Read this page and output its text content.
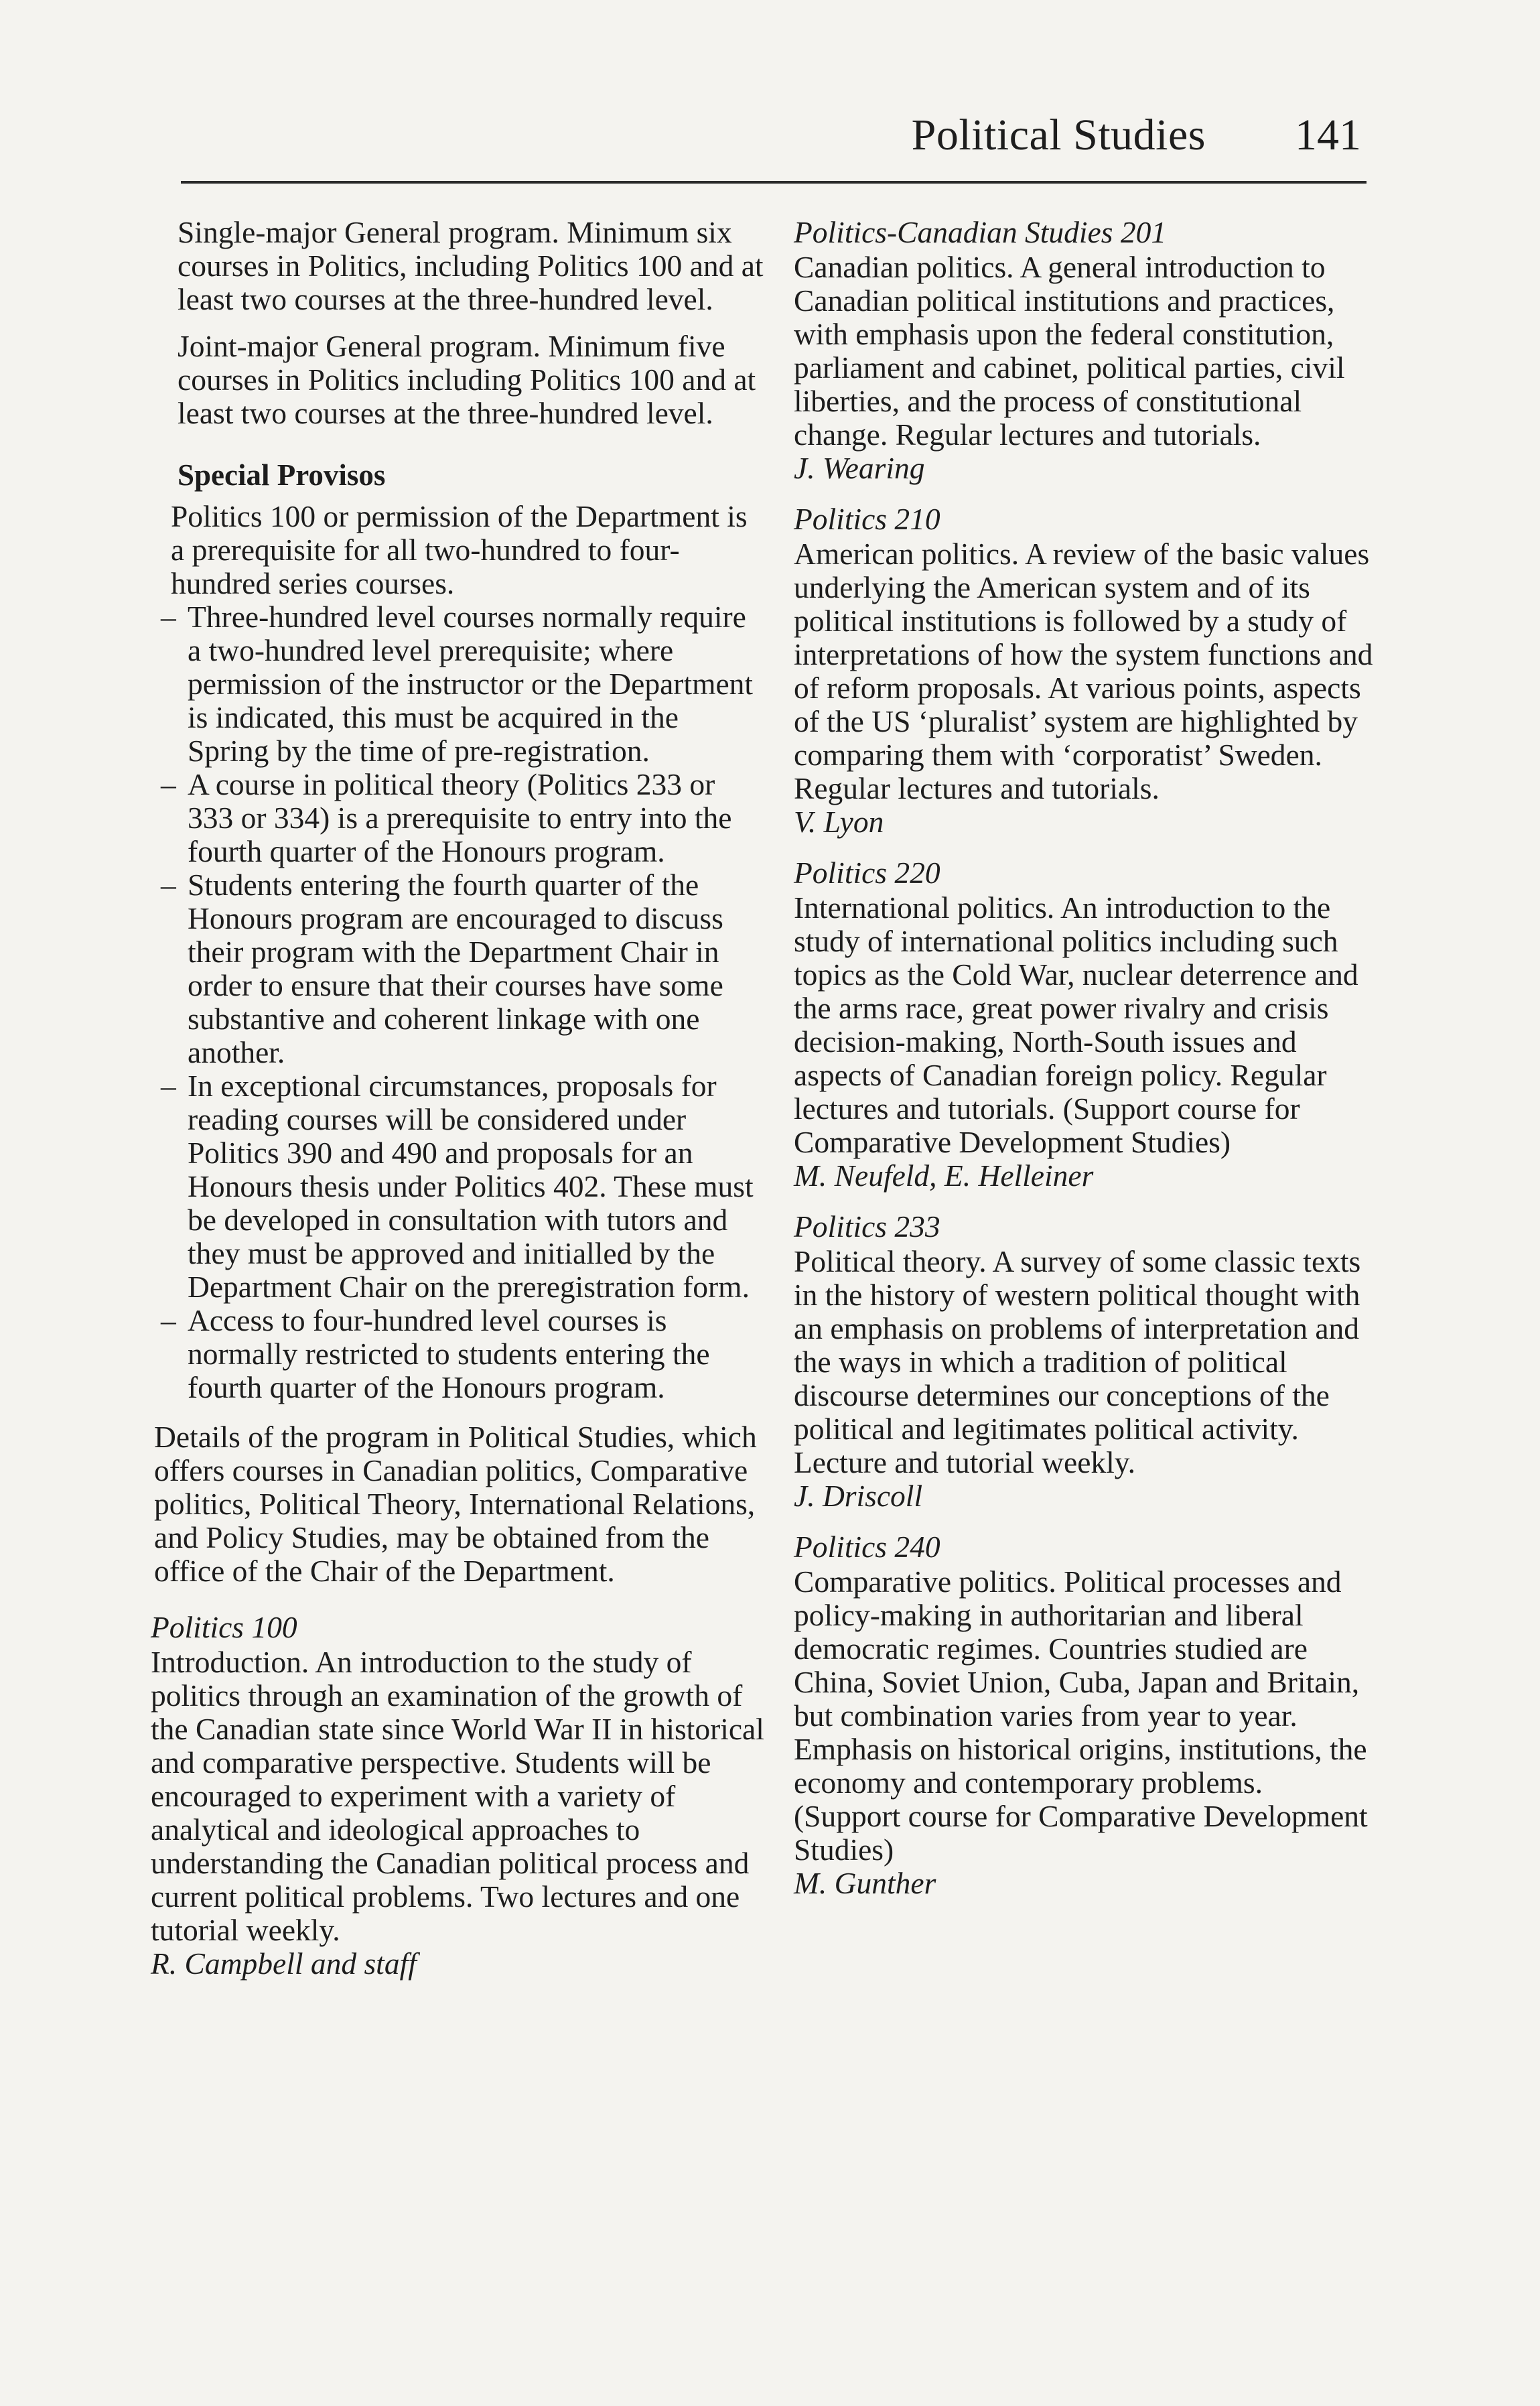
Political Studies 141

Single-major General program. Minimum six courses in Politics, including Politics 100 and at least two courses at the three-hundred level.

Joint-major General program. Minimum five courses in Politics including Politics 100 and at least two courses at the three-hundred level.

Special Provisos

Politics 100 or permission of the Department is a prerequisite for all two-hundred to four-hundred series courses.

– Three-hundred level courses normally require a two-hundred level prerequisite; where permission of the instructor or the Department is indicated, this must be acquired in the Spring by the time of pre-registration.
– A course in political theory (Politics 233 or 333 or 334) is a prerequisite to entry into the fourth quarter of the Honours program.
– Students entering the fourth quarter of the Honours program are encouraged to discuss their program with the Department Chair in order to ensure that their courses have some substantive and coherent linkage with one another.
– In exceptional circumstances, proposals for reading courses will be considered under Politics 390 and 490 and proposals for an Honours thesis under Politics 402. These must be developed in consultation with tutors and they must be approved and initialled by the Department Chair on the preregistration form.
– Access to four-hundred level courses is normally restricted to students entering the fourth quarter of the Honours program.

Details of the program in Political Studies, which offers courses in Canadian politics, Comparative politics, Political Theory, International Relations, and Policy Studies, may be obtained from the office of the Chair of the Department.

Politics 100
Introduction. An introduction to the study of politics through an examination of the growth of the Canadian state since World War II in historical and comparative perspective. Students will be encouraged to experiment with a variety of analytical and ideological approaches to understanding the Canadian political process and current political problems. Two lectures and one tutorial weekly.
R. Campbell and staff
Politics-Canadian Studies 201
Canadian politics. A general introduction to Canadian political institutions and practices, with emphasis upon the federal constitution, parliament and cabinet, political parties, civil liberties, and the process of constitutional change. Regular lectures and tutorials.
J. Wearing
Politics 210
American politics. A review of the basic values underlying the American system and of its political institutions is followed by a study of interpretations of how the system functions and of reform proposals. At various points, aspects of the US ‘pluralist’ system are highlighted by comparing them with ‘corporatist’ Sweden. Regular lectures and tutorials.
V. Lyon
Politics 220
International politics. An introduction to the study of international politics including such topics as the Cold War, nuclear deterrence and the arms race, great power rivalry and crisis decision-making, North-South issues and aspects of Canadian foreign policy. Regular lectures and tutorials. (Support course for Comparative Development Studies)
M. Neufeld, E. Helleiner
Politics 233
Political theory. A survey of some classic texts in the history of western political thought with an emphasis on problems of interpretation and the ways in which a tradition of political discourse determines our conceptions of the political and legitimates political activity. Lecture and tutorial weekly.
J. Driscoll
Politics 240
Comparative politics. Political processes and policy-making in authoritarian and liberal democratic regimes. Countries studied are China, Soviet Union, Cuba, Japan and Britain, but combination varies from year to year. Emphasis on historical origins, institutions, the economy and contemporary problems. (Support course for Comparative Development Studies)
M. Gunther
